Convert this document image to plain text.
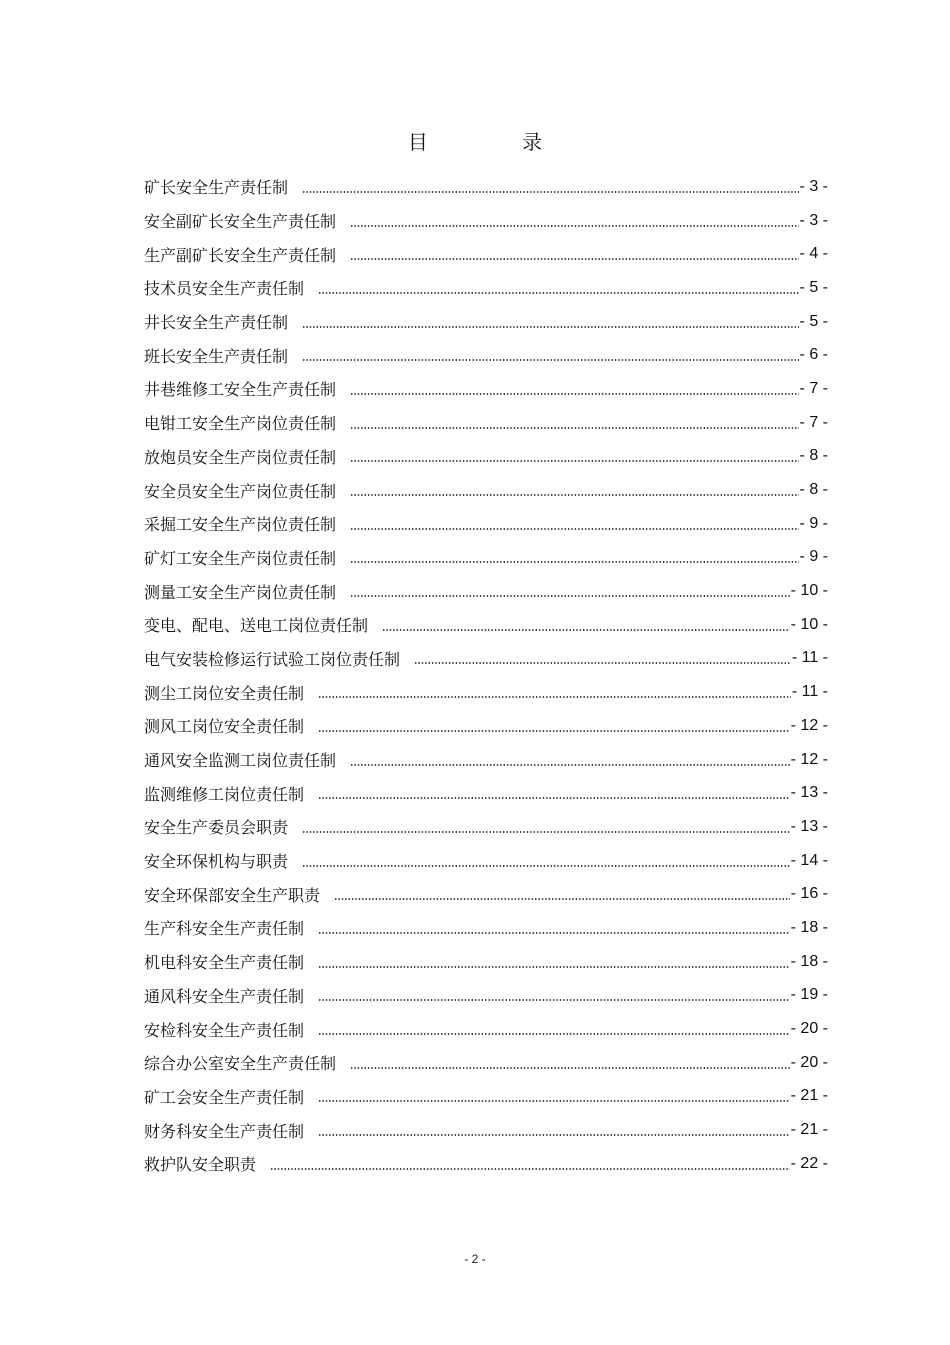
目 录
矿长安全生产责任制	- 3 -
安全副矿长安全生产责任制	- 3 -
生产副矿长安全生产责任制	- 4 -
技术员安全生产责任制	- 5 -
井长安全生产责任制	- 5 -
班长安全生产责任制	- 6 -
井巷维修工安全生产责任制	- 7 -
电钳工安全生产岗位责任制	- 7 -
放炮员安全生产岗位责任制	- 8 -
安全员安全生产岗位责任制	- 8 -
采掘工安全生产岗位责任制	- 9 -
矿灯工安全生产岗位责任制	- 9 -
测量工安全生产岗位责任制	- 10 -
变电、配电、送电工岗位责任制	- 10 -
电气安装检修运行试验工岗位责任制	- 11 -
测尘工岗位安全责任制	- 11 -
测风工岗位安全责任制	- 12 -
通风安全监测工岗位责任制	- 12 -
监测维修工岗位责任制	- 13 -
安全生产委员会职责	- 13 -
安全环保机构与职责	- 14 -
安全环保部安全生产职责	- 16 -
生产科安全生产责任制	- 18 -
机电科安全生产责任制	- 18 -
通风科安全生产责任制	- 19 -
安检科安全生产责任制	- 20 -
综合办公室安全生产责任制	- 20 -
矿工会安全生产责任制	- 21 -
财务科安全生产责任制	- 21 -
救护队安全职责	- 22 -
- 2 -
